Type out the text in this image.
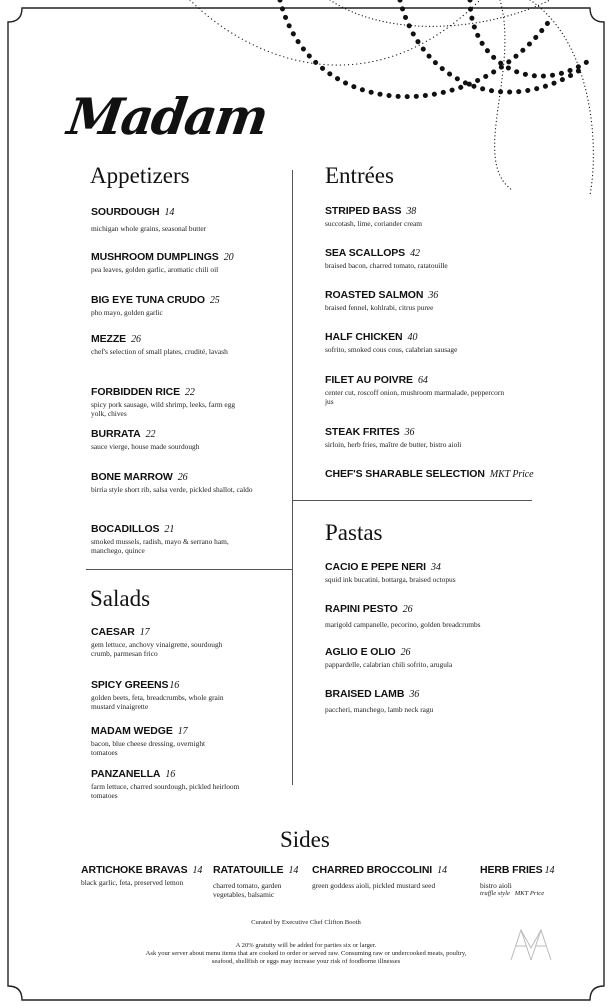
Madam
Appetizers
SOURDOUGH 14
michigan whole grains, seasonal butter
MUSHROOM DUMPLINGS 20
pea leaves, golden garlic, aromatic chili oil
BIG EYE TUNA CRUDO 25
pho mayo, golden garlic
MEZZE 26
chef's selection of small plates, crudité, lavash
FORBIDDEN RICE 22
spicy pork sausage, wild shrimp, leeks, farm egg yolk, chives
BURRATA 22
sauce vierge, house made sourdough
BONE MARROW 26
birria style short rib, salsa verde, pickled shallot, caldo
BOCADILLOS 21
smoked mussels, radish, mayo & serrano ham, manchego, quince
Salads
CAESAR 17
gem lettuce, anchovy vinaigrette, sourdough crumb, parmesan frico
SPICY GREENS16
golden beets, feta, breadcrumbs, whole grain mustard vinaigrette
MADAM WEDGE 17
bacon, blue cheese dressing, overnight tomatoes
PANZANELLA 16
farm lettuce, charred sourdough, pickled heirloom tomatoes
Entrées
STRIPED BASS 38
succotash, lime, coriander cream
SEA SCALLOPS 42
braised bacon, charred tomato, ratatouille
ROASTED SALMON 36
braised fennel, kohlrabi, citrus puree
HALF CHICKEN 40
sofrito, smoked cous cous, calabrian sausage
FILET AU POIVRE 64
center cut, roscoff onion, mushroom marmalade, peppercorn jus
STEAK FRITES 36
sirloin, herb fries, maître de butter, bistro aioli
CHEF'S SHARABLE SELECTION MKT Price
Pastas
CACIO E PEPE NERI 34
squid ink bucatini, bottarga, braised octopus
RAPINI PESTO 26
marigold campanelle, pecorino, golden breadcrumbs
AGLIO E OLIO 26
pappardelle, calabrian chili sofrito, arugula
BRAISED LAMB 36
paccheri, manchego, lamb neck ragu
Sides
ARTICHOKE BRAVAS 14
black garlic, feta, preserved lemon
RATATOUILLE 14
charred tomato, garden vegetables, balsamic
CHARRED BROCCOLINI 14
green goddess aioli, pickled mustard seed
HERB FRIES 14
bistro aioli
truffle style   MKT Price
Curated by Executive Chef Clifton Booth
A 20% gratuity will be added for parties six or larger.
Ask your server about menu items that are cooked to order or served raw. Consuming raw or undercooked meats, poultry,
seafood, shellfish or eggs may increase your risk of foodborne illnesses
